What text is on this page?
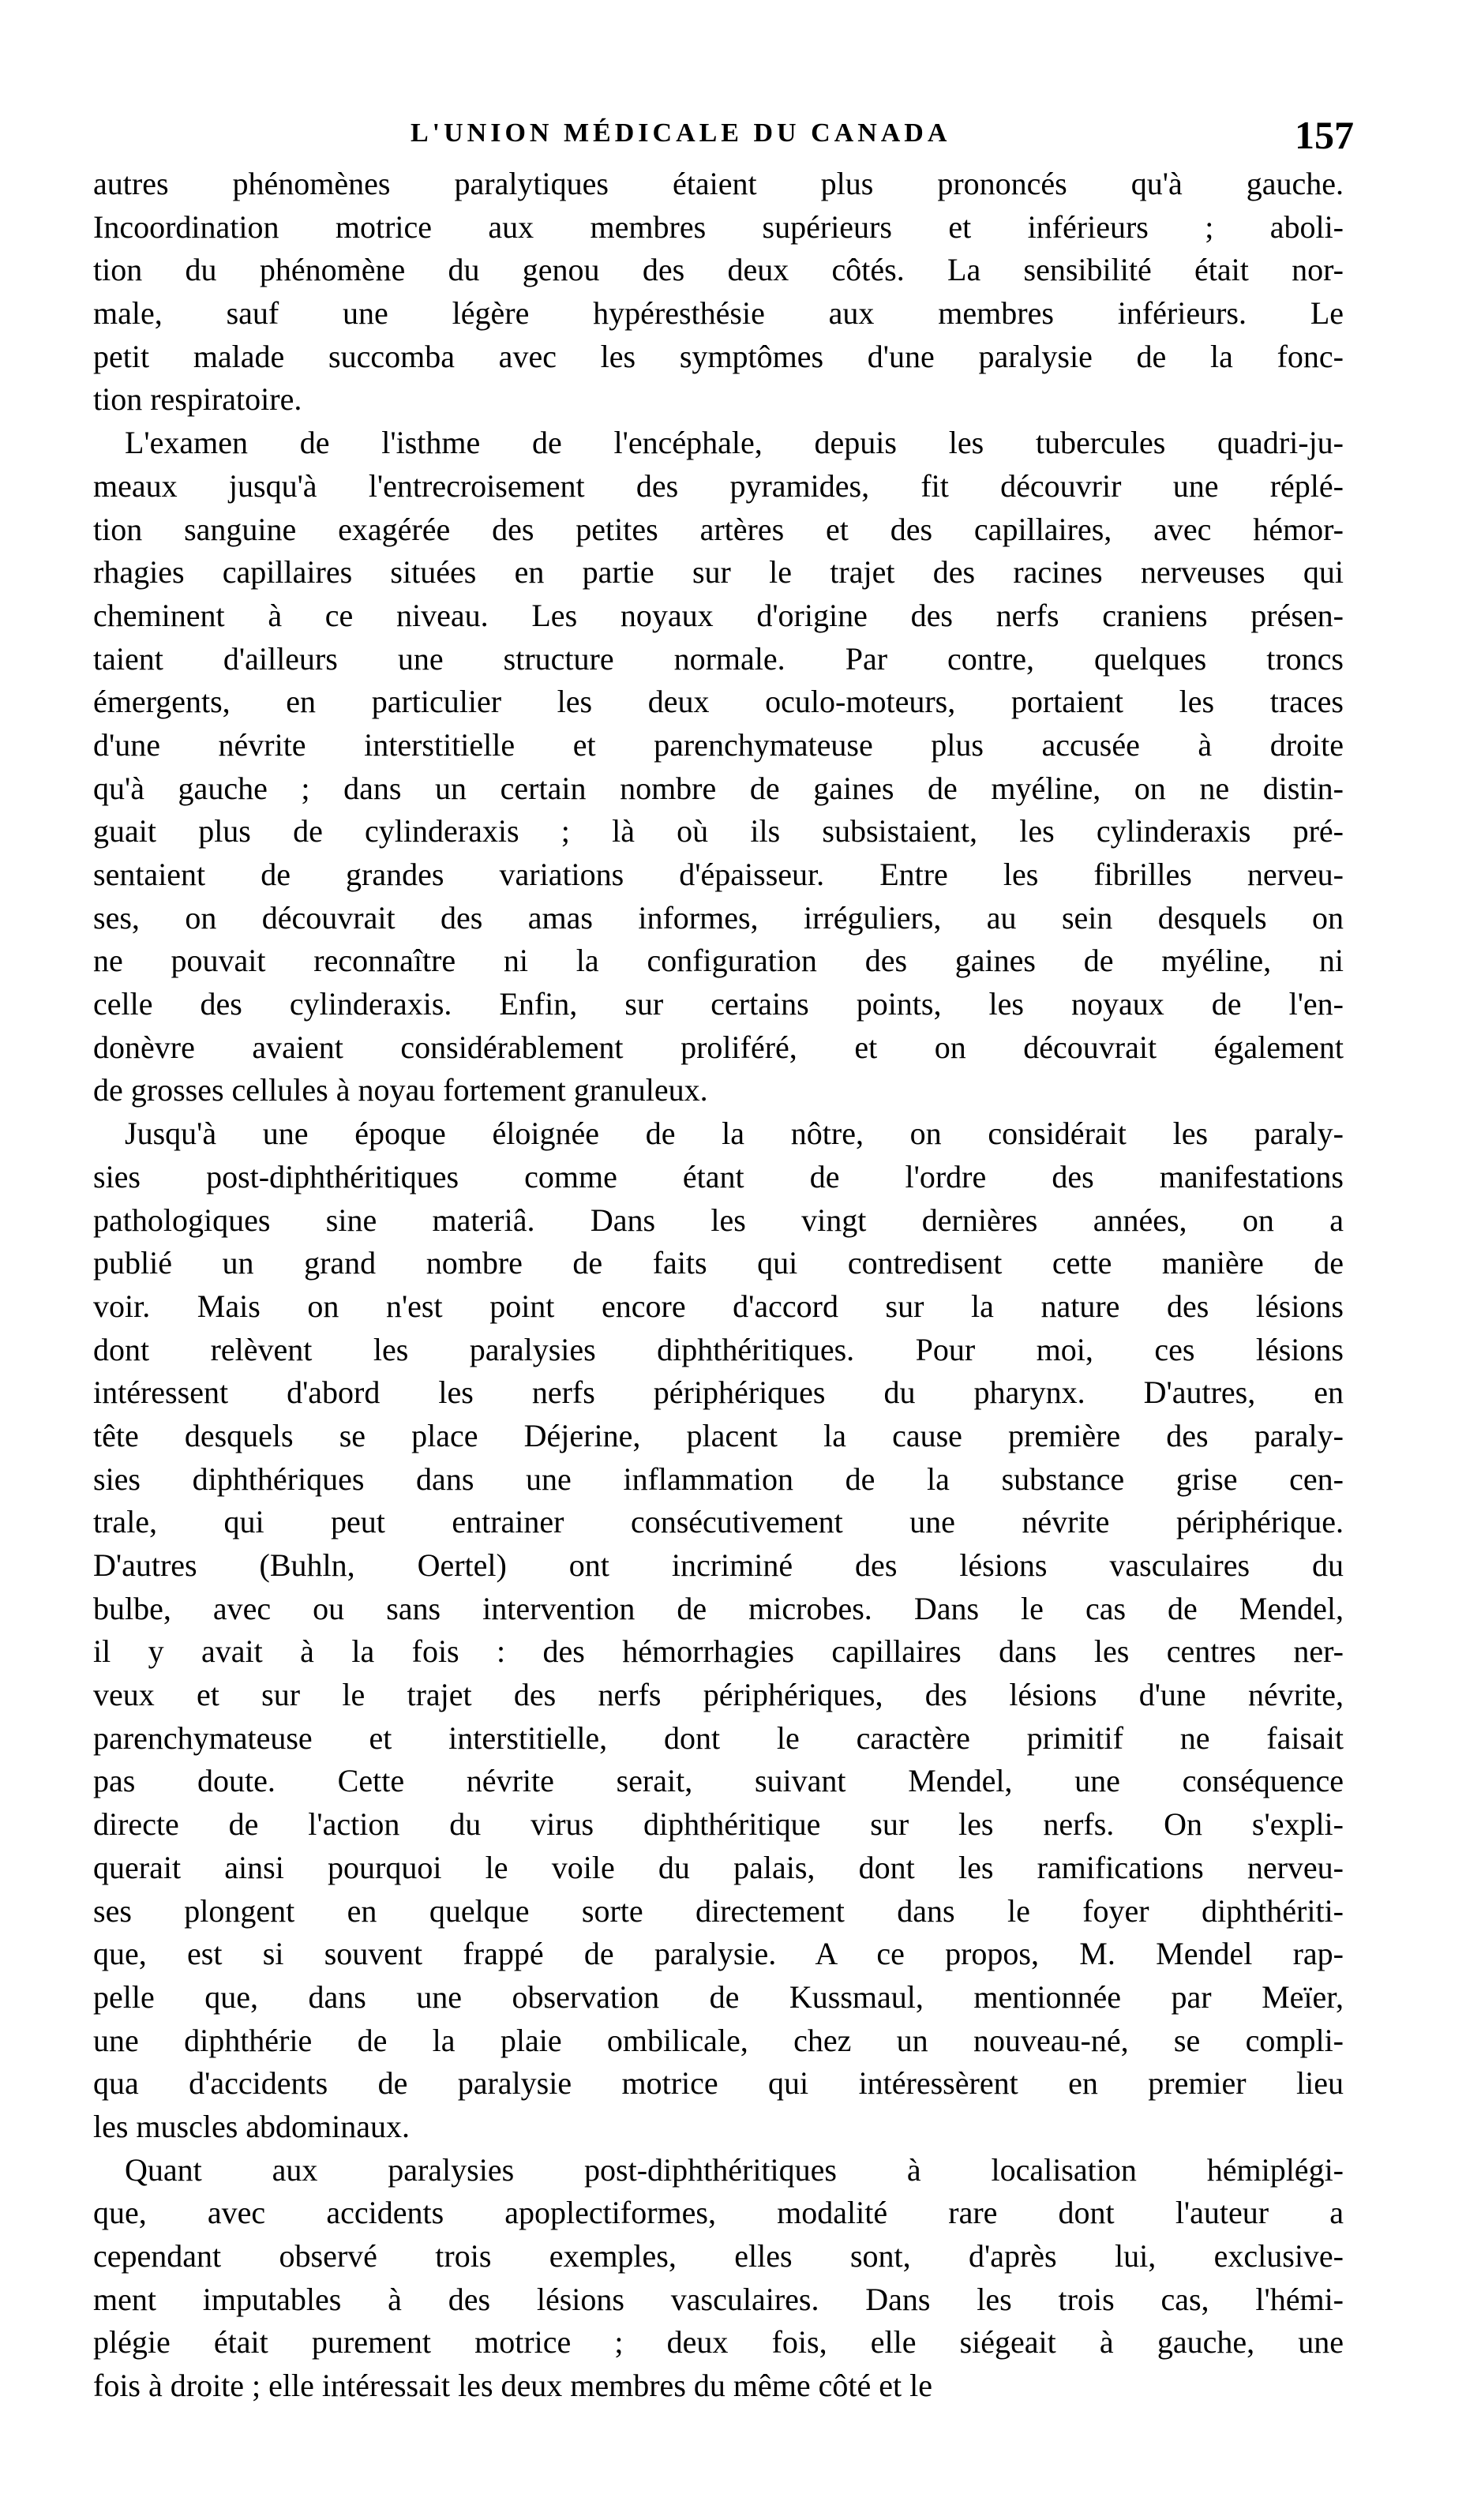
L'UNION MÉDICALE DU CANADA	157
autres phénomènes paralytiques étaient plus prononcés qu'à gauche.
Incoordination motrice aux membres supérieurs et inférieurs ; aboli-
tion du phénomène du genou des deux côtés. La sensibilité était nor-
male, sauf une légère hypéresthésie aux membres inférieurs. Le
petit malade succomba avec les symptômes d'une paralysie de la fonc-
tion respiratoire.
L'examen de l'isthme de l'encéphale, depuis les tubercules quadri-ju-
meaux jusqu'à l'entrecroisement des pyramides, fit découvrir une réplé-
tion sanguine exagérée des petites artères et des capillaires, avec hémor-
rhagies capillaires situées en partie sur le trajet des racines nerveuses qui
cheminent à ce niveau. Les noyaux d'origine des nerfs craniens présen-
taient d'ailleurs une structure normale. Par contre, quelques troncs
émergents, en particulier les deux oculo-moteurs, portaient les traces
d'une névrite interstitielle et parenchymateuse plus accusée à droite
qu'à gauche ; dans un certain nombre de gaines de myéline, on ne distin-
guait plus de cylinderaxis ; là où ils subsistaient, les cylinderaxis pré-
sentaient de grandes variations d'épaisseur. Entre les fibrilles nerveu-
ses, on découvrait des amas informes, irréguliers, au sein desquels on
ne pouvait reconnaître ni la configuration des gaines de myéline, ni
celle des cylinderaxis. Enfin, sur certains points, les noyaux de l'en-
donèvre avaient considérablement proliféré, et on découvrait également
de grosses cellules à noyau fortement granuleux.
Jusqu'à une époque éloignée de la nôtre, on considérait les paraly-
sies post-diphthéritiques comme étant de l'ordre des manifestations
pathologiques sine materiâ. Dans les vingt dernières années, on a
publié un grand nombre de faits qui contredisent cette manière de
voir. Mais on n'est point encore d'accord sur la nature des lésions
dont relèvent les paralysies diphthéritiques. Pour moi, ces lésions
intéressent d'abord les nerfs périphériques du pharynx. D'autres, en
tête desquels se place Déjerine, placent la cause première des paraly-
sies diphthériques dans une inflammation de la substance grise cen-
trale, qui peut entrainer consécutivement une névrite périphérique.
D'autres (Buhln, Oertel) ont incriminé des lésions vasculaires du
bulbe, avec ou sans intervention de microbes. Dans le cas de Mendel,
il y avait à la fois : des hémorrhagies capillaires dans les centres ner-
veux et sur le trajet des nerfs périphériques, des lésions d'une névrite,
parenchymateuse et interstitielle, dont le caractère primitif ne faisait
pas doute. Cette névrite serait, suivant Mendel, une conséquence
directe de l'action du virus diphthéritique sur les nerfs. On s'expli-
querait ainsi pourquoi le voile du palais, dont les ramifications nerveu-
ses plongent en quelque sorte directement dans le foyer diphthériti-
que, est si souvent frappé de paralysie. A ce propos, M. Mendel rap-
pelle que, dans une observation de Kussmaul, mentionnée par Meïer,
une diphthérie de la plaie ombilicale, chez un nouveau-né, se compli-
qua d'accidents de paralysie motrice qui intéressèrent en premier lieu
les muscles abdominaux.
Quant aux paralysies post-diphthéritiques à localisation hémiplégi-
que, avec accidents apoplectiformes, modalité rare dont l'auteur a
cependant observé trois exemples, elles sont, d'après lui, exclusive-
ment imputables à des lésions vasculaires. Dans les trois cas, l'hémi-
plégie était purement motrice ; deux fois, elle siégeait à gauche, une
fois à droite ; elle intéressait les deux membres du même côté et le
